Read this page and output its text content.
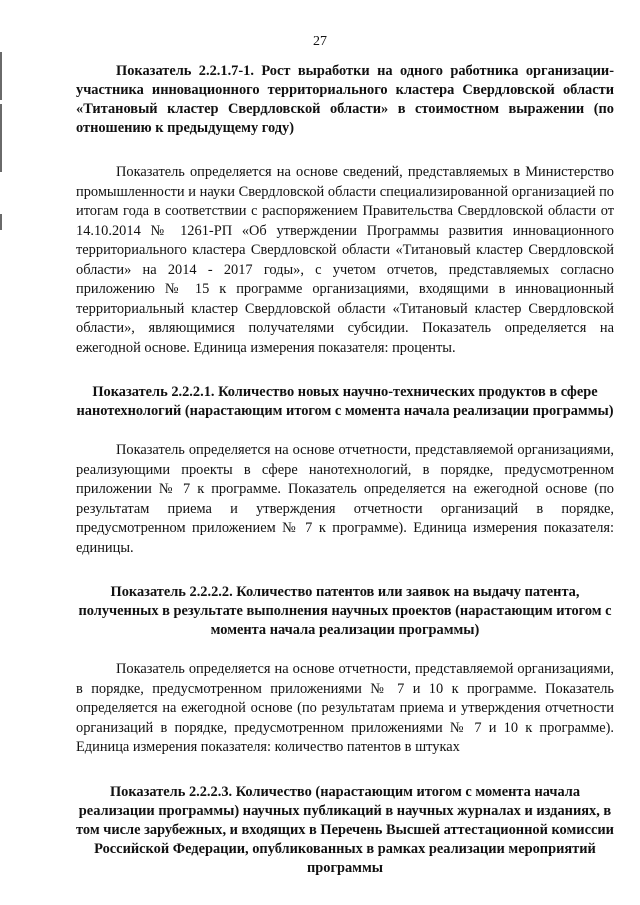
27

Показатель 2.2.1.7-1. Рост выработки на одного работника организации-участника инновационного территориального кластера Свердловской области «Титановый кластер Свердловской области» в стоимостном выражении (по отношению к предыдущему году)

Показатель определяется на основе сведений, представляемых в Министерство промышленности и науки Свердловской области специализированной организацией по итогам года в соответствии с распоряжением Правительства Свердловской области от 14.10.2014 № 1261-РП «Об утверждении Программы развития инновационного территориального кластера Свердловской области «Титановый кластер Свердловской области» на 2014 - 2017 годы», с учетом отчетов, представляемых согласно приложению № 15 к программе организациями, входящими в инновационный территориальный кластер Свердловской области «Титановый кластер Свердловской области», являющимися получателями субсидии. Показатель определяется на ежегодной основе. Единица измерения показателя: проценты.

Показатель 2.2.2.1. Количество новых научно-технических продуктов в сфере нанотехнологий (нарастающим итогом с момента начала реализации программы)

Показатель определяется на основе отчетности, представляемой организациями, реализующими проекты в сфере нанотехнологий, в порядке, предусмотренном приложении № 7 к программе. Показатель определяется на ежегодной основе (по результатам приема и утверждения отчетности организаций в порядке, предусмотренном приложением № 7 к программе). Единица измерения показателя: единицы.

Показатель 2.2.2.2. Количество патентов или заявок на выдачу патента, полученных в результате выполнения научных проектов (нарастающим итогом с момента начала реализации программы)

Показатель определяется на основе отчетности, представляемой организациями, в порядке, предусмотренном приложениями № 7 и 10 к программе. Показатель определяется на ежегодной основе (по результатам приема и утверждения отчетности организаций в порядке, предусмотренном приложениями № 7 и 10 к программе). Единица измерения показателя: количество патентов в штуках

Показатель 2.2.2.3. Количество (нарастающим итогом с момента начала реализации программы) научных публикаций в научных журналах и изданиях, в том числе зарубежных, и входящих в Перечень Высшей аттестационной комиссии Российской Федерации, опубликованных в рамках реализации мероприятий программы
